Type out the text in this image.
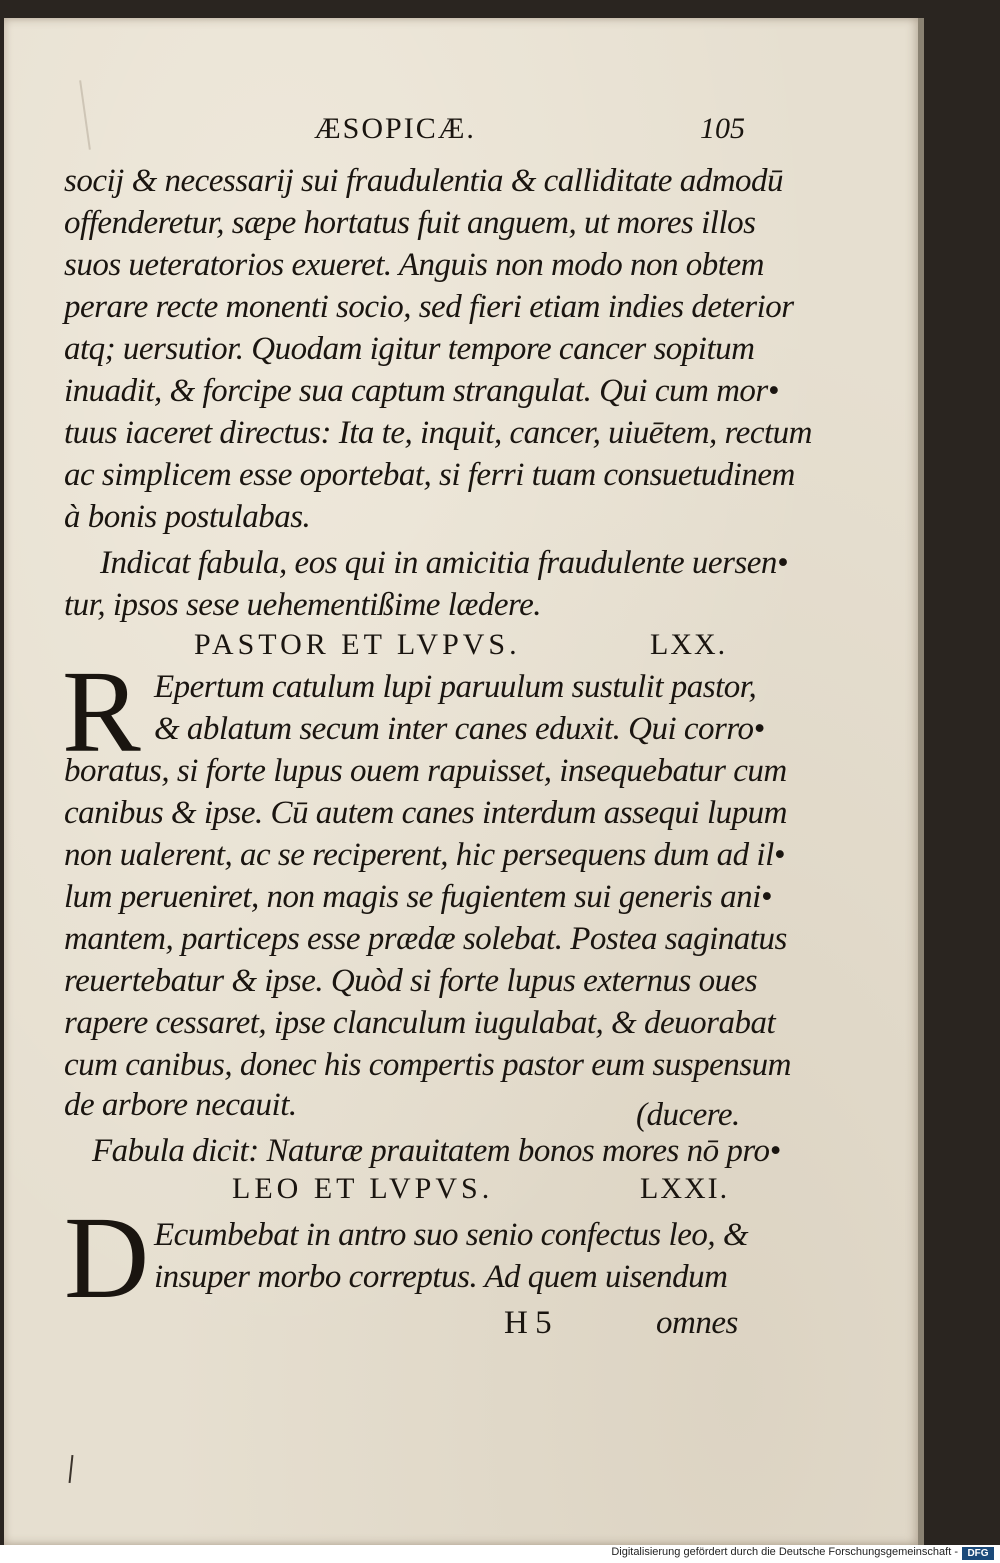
ÆSOPICÆ.	105
socij & necessarij sui fraudulentia & calliditate admodū
offenderetur, sæpe hortatus fuit anguem, ut mores illos
suos ueteratorios exueret. Anguis non modo non obtem
perare recte monenti socio, sed fieri etiam indies deterior
atq; uersutior. Quodam igitur tempore cancer sopitum
inuadit, & forcipe sua captum strangulat. Qui cum mor•
tuus iaceret directus: Ita te, inquit, cancer, uiuētem, rectum
ac simplicem esse oportebat, si ferri tuam consuetudinem
à bonis postulabas.
Indicat fabula, eos qui in amicitia fraudulente uersen•
tur, ipsos sese uehementißime lædere.
PASTOR ET LVPVS.	LXX.
R Epertum catulum lupi paruulum sustulit pastor,
& ablatum secum inter canes eduxit. Qui corro•
boratus, si forte lupus ouem rapuisset, insequebatur cum
canibus & ipse. Cū autem canes interdum assequi lupum
non ualerent, ac se reciperent, hic persequens dum ad il•
lum perueniret, non magis se fugientem sui generis ani•
mantem, particeps esse prædæ solebat. Postea saginatus
reuertebatur & ipse. Quòd si forte lupus externus oues
rapere cessaret, ipse clanculum iugulabat, & deuorabat
cum canibus, donec his compertis pastor eum suspensum
de arbore necauit.	(ducere.
Fabula dicit: Naturæ prauitatem bonos mores nō pro•
LEO ET LVPVS.	LXXI.
D Ecumbebat in antro suo senio confectus leo, &
insuper morbo correptus. Ad quem uisendum
H 5	omnes
Digitalisierung gefördert durch die Deutsche Forschungsgemeinschaft - DFG
